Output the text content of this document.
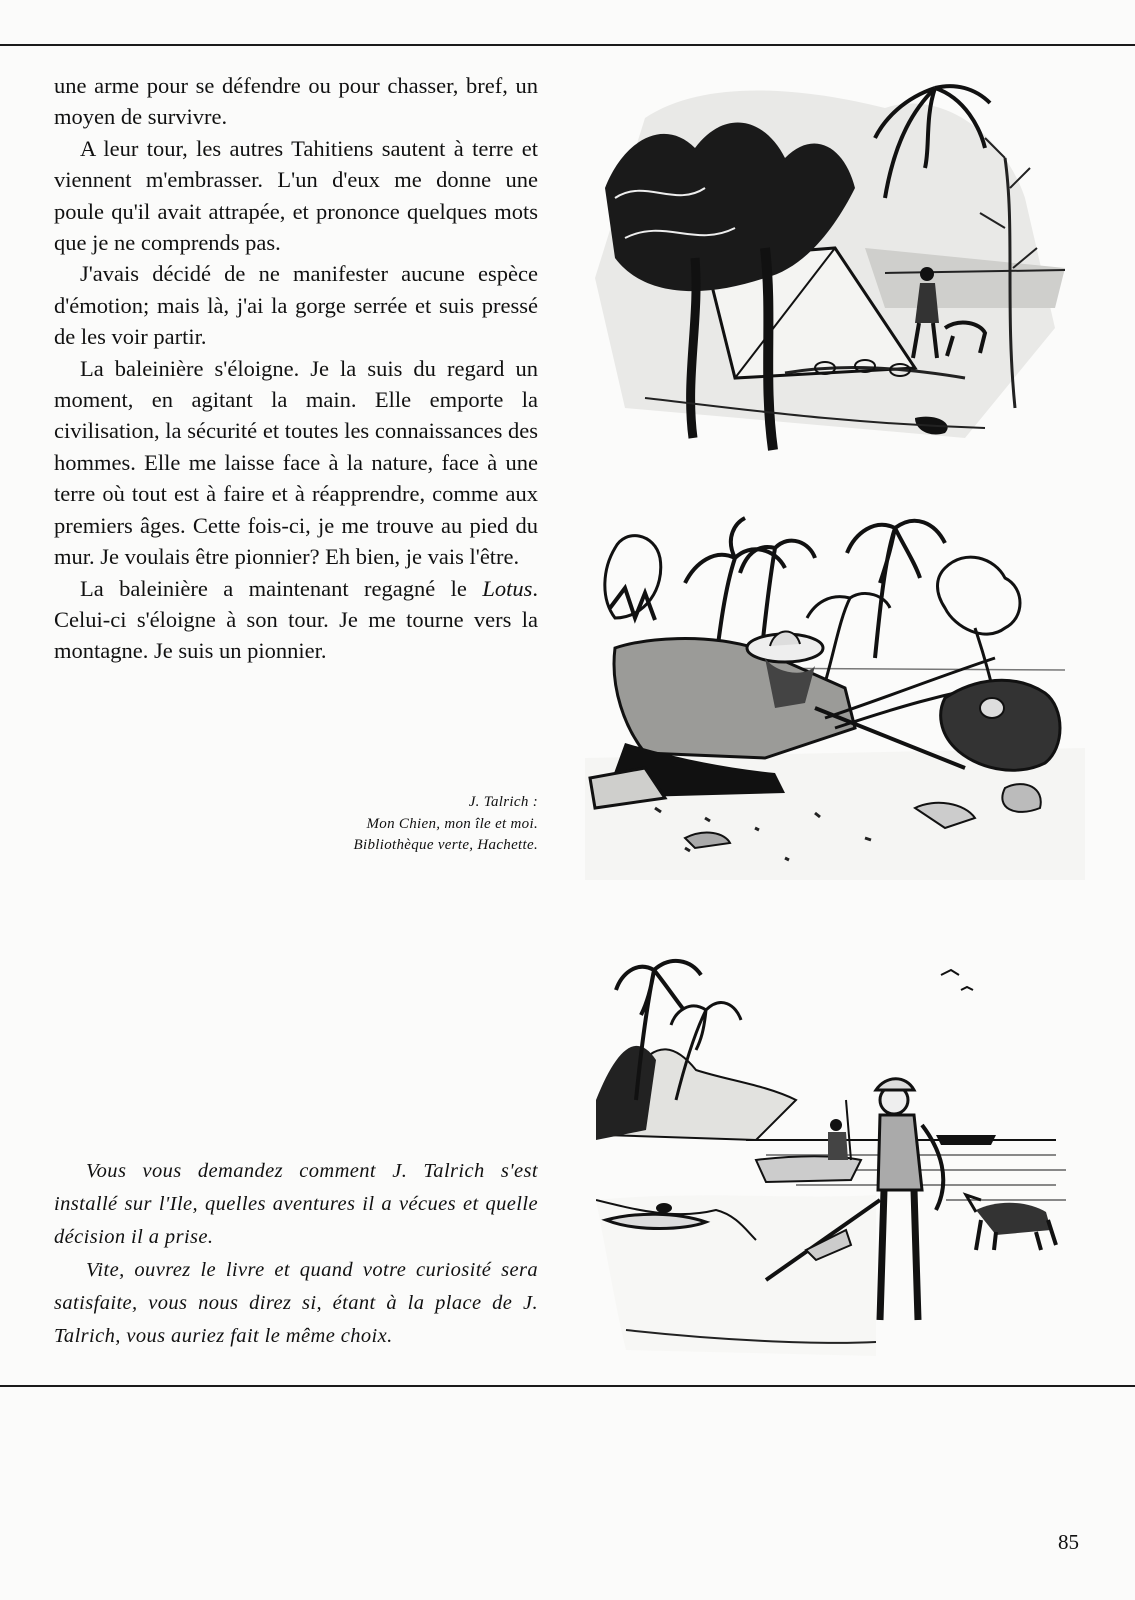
une arme pour se défendre ou pour chasser, bref, un moyen de survivre.

A leur tour, les autres Tahitiens sautent à terre et viennent m'embrasser. L'un d'eux me donne une poule qu'il avait attrapée, et prononce quelques mots que je ne comprends pas.

J'avais décidé de ne manifester aucune espèce d'émotion; mais là, j'ai la gorge serrée et suis pressé de les voir partir.

La baleinière s'éloigne. Je la suis du regard un moment, en agitant la main. Elle emporte la civilisation, la sécurité et toutes les connaissances des hommes. Elle me laisse face à la nature, face à une terre où tout est à faire et à réapprendre, comme aux premiers âges. Cette fois-ci, je me trouve au pied du mur. Je voulais être pionnier? Eh bien, je vais l'être.

La baleinière a maintenant regagné le Lotus. Celui-ci s'éloigne à son tour. Je me tourne vers la montagne. Je suis un pionnier.

J. Talrich :
Mon Chien, mon île et moi.
Bibliothèque verte, Hachette.

Vous vous demandez comment J. Talrich s'est installé sur l'Ile, quelles aventures il a vécues et quelle décision il a prise.

Vite, ouvrez le livre et quand votre curiosité sera satisfaite, vous nous direz si, étant à la place de J. Talrich, vous auriez fait le même choix.

85
